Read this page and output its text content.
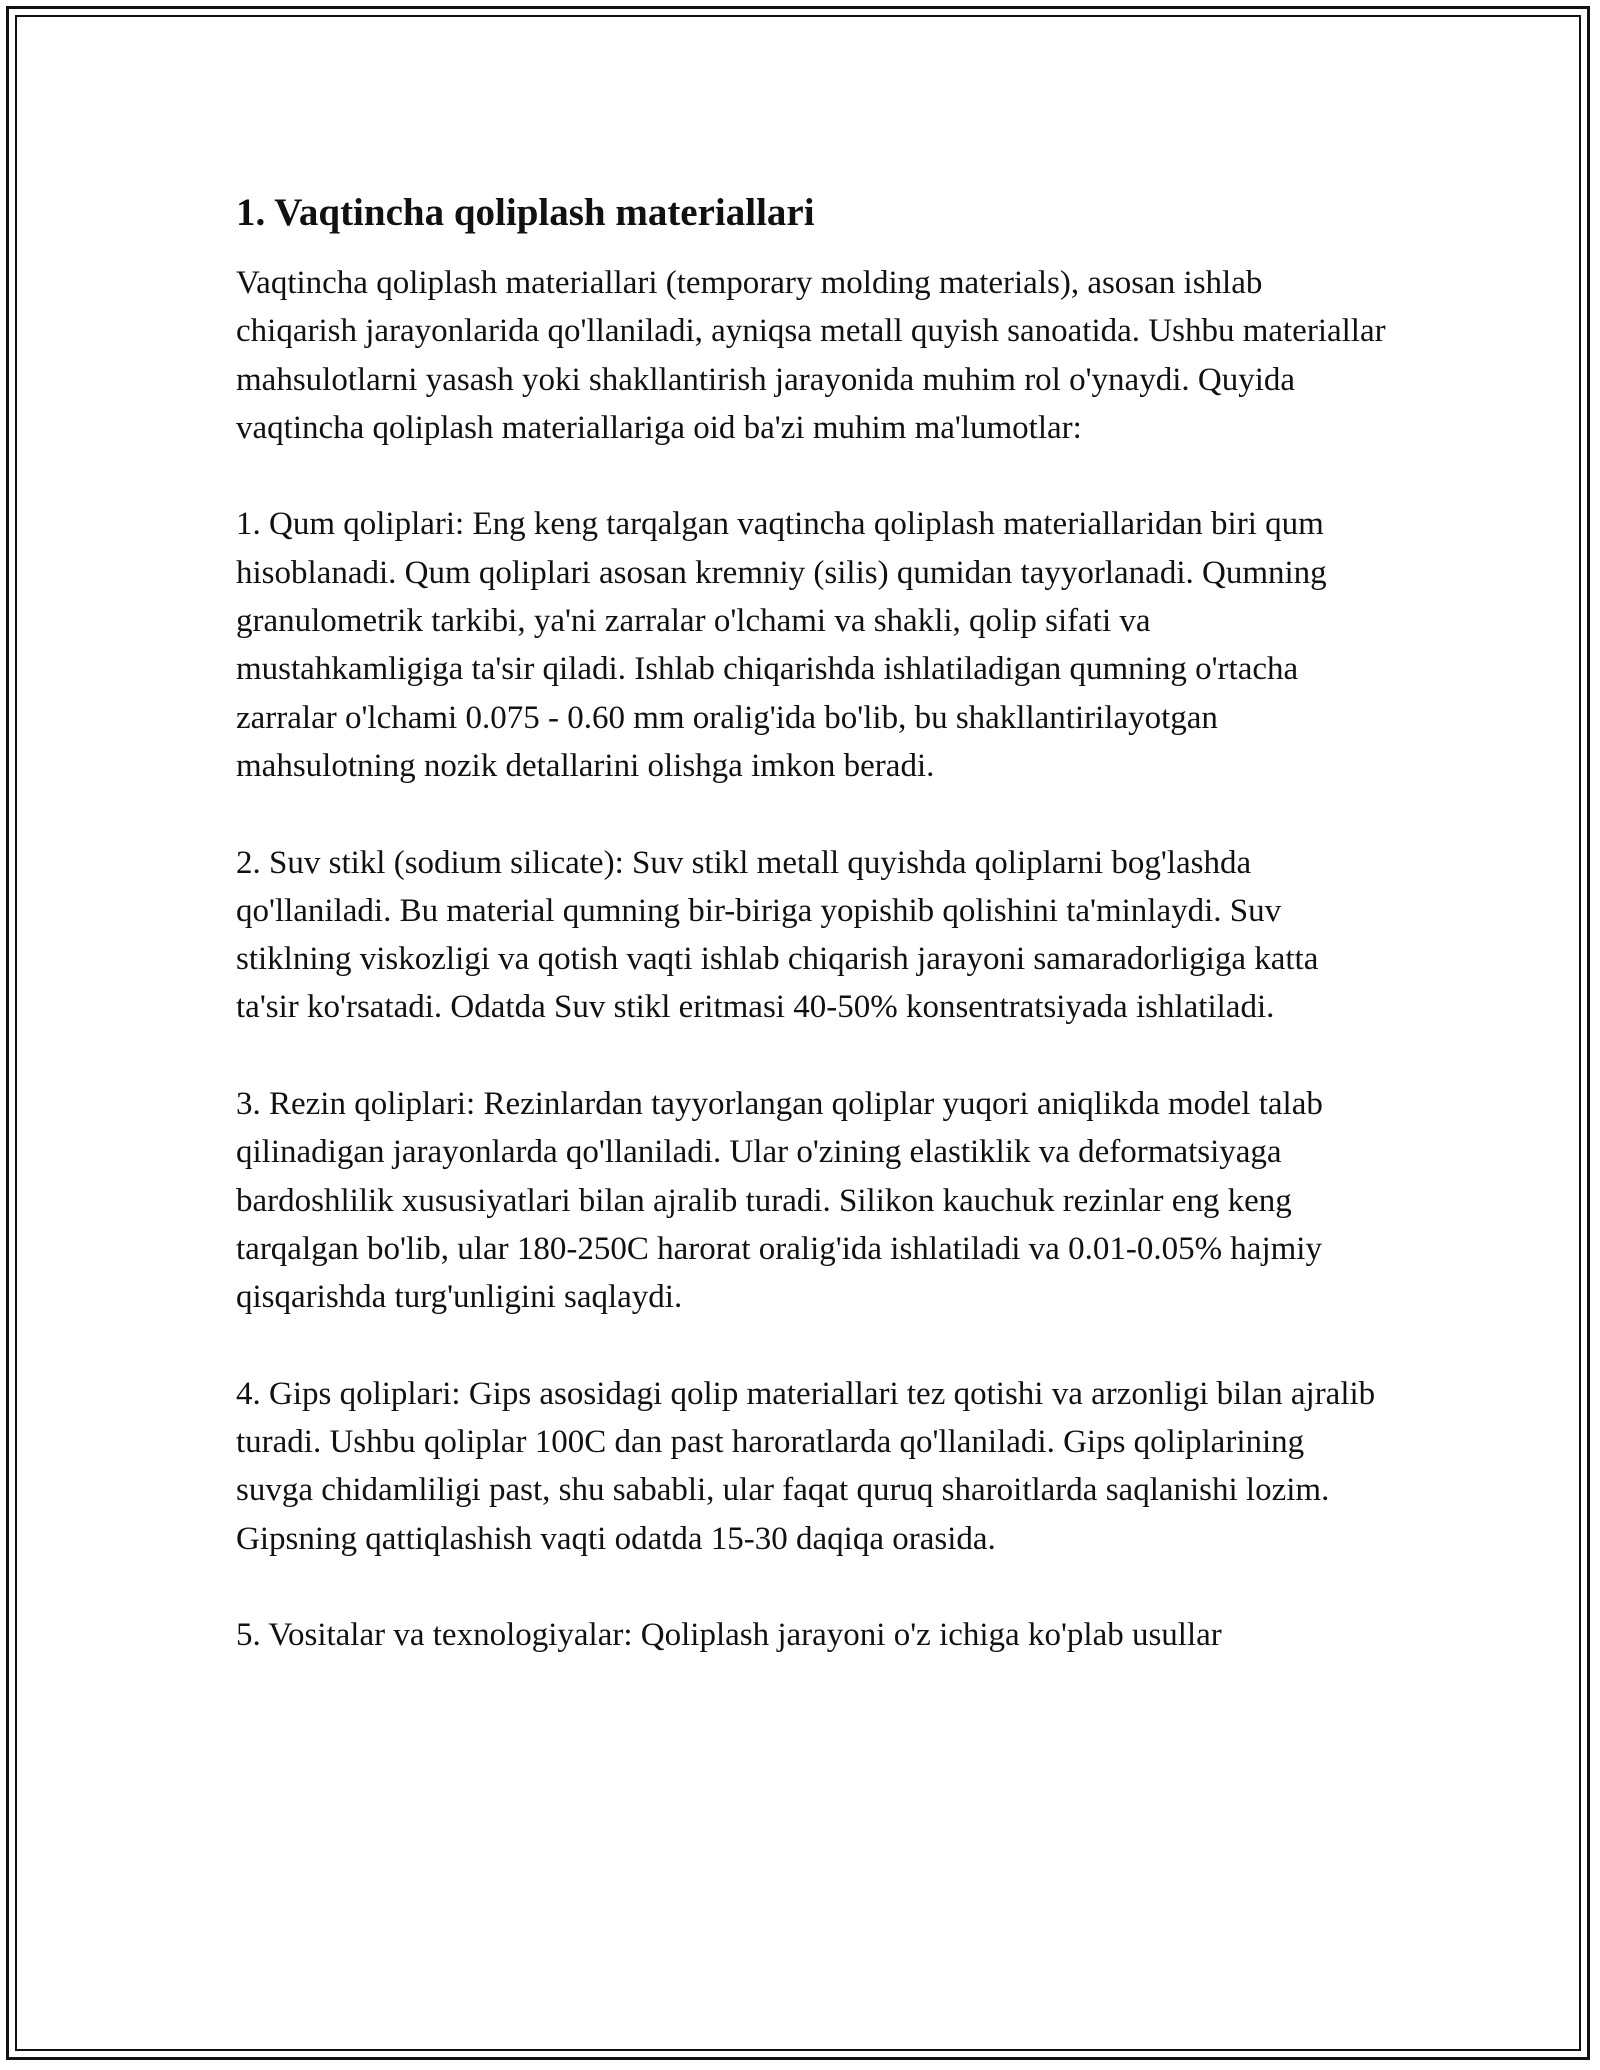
1. Vaqtincha qoliplash materiallari

Vaqtincha qoliplash materiallari (temporary molding materials), asosan ishlab chiqarish jarayonlarida qo'llaniladi, ayniqsa metall quyish sanoatida. Ushbu materiallar mahsulotlarni yasash yoki shakllantirish jarayonida muhim rol o'ynaydi. Quyida vaqtincha qoliplash materiallariga oid ba'zi muhim ma'lumotlar:

1. Qum qoliplari: Eng keng tarqalgan vaqtincha qoliplash materiallaridan biri qum hisoblanadi. Qum qoliplari asosan kremniy (silis) qumidan tayyorlanadi. Qumning granulometrik tarkibi, ya'ni zarralar o'lchami va shakli, qolip sifati va mustahkamligiga ta'sir qiladi. Ishlab chiqarishda ishlatiladigan qumning o'rtacha zarralar o'lchami 0.075 - 0.60 mm oralig'ida bo'lib, bu shakllantirilayotgan mahsulotning nozik detallarini olishga imkon beradi.

2. Suv stikl (sodium silicate): Suv stikl metall quyishda qoliplarni bog'lashda qo'llaniladi. Bu material qumning bir-biriga yopishib qolishini ta'minlaydi. Suv stiklning viskozligi va qotish vaqti ishlab chiqarish jarayoni samaradorligiga katta ta'sir ko'rsatadi. Odatda Suv stikl eritmasi 40-50% konsentratsiyada ishlatiladi.

3. Rezin qoliplari: Rezinlardan tayyorlangan qoliplar yuqori aniqlikda model talab qilinadigan jarayonlarda qo'llaniladi. Ular o'zining elastiklik va deformatsiyaga bardoshlilik xususiyatlari bilan ajralib turadi. Silikon kauchuk rezinlar eng keng tarqalgan bo'lib, ular 180-250C harorat oralig'ida ishlatiladi va 0.01-0.05% hajmiy qisqarishda turg'unligini saqlaydi.

4. Gips qoliplari: Gips asosidagi qolip materiallari tez qotishi va arzonligi bilan ajralib turadi. Ushbu qoliplar 100C dan past haroratlarda qo'llaniladi. Gips qoliplarining suvga chidamliligi past, shu sababli, ular faqat quruq sharoitlarda saqlanishi lozim. Gipsning qattiqlashish vaqti odatda 15-30 daqiqa orasida.

5. Vositalar va texnologiyalar: Qoliplash jarayoni o'z ichiga ko'plab usullar
